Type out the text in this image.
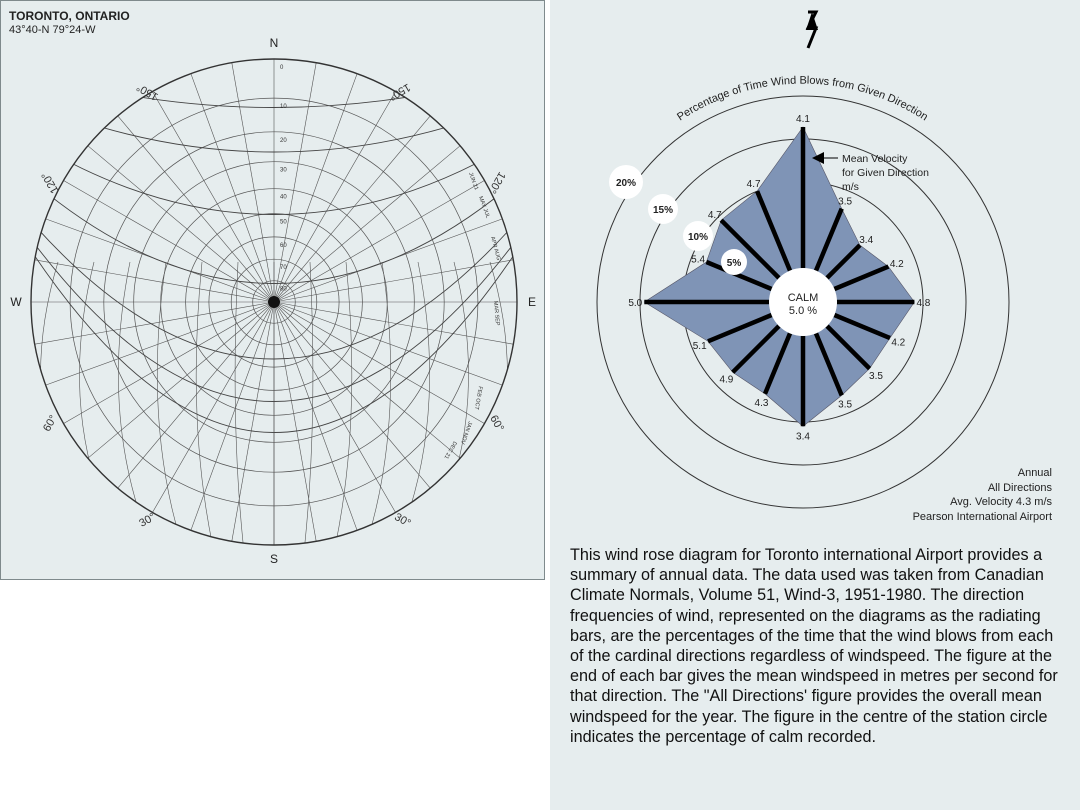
TORONTO, ONTARIO
43°40-N 79°24-W
N
S
W	E
0
10
20
30
40
50
60
70
80
150°	150°
120°	120°
60°	60°
30°	30°
JUN 21
MAY JUL
APR AUG
MAR SEP
FEB OCT
JAN NOV
DEC 21
Percentage of Time Wind Blows from Given Direction
4.1
3.5
3.4
4.2
4.8
4.2
3.5
3.5
3.4
4.3
4.9
5.1
5.0
5.4
4.7
4.7
5%
10%
15%
20%
CALM
5.0 %
Mean Velocity
for Given Direction
m/s
Annual
All Directions
Avg. Velocity 4.3 m/s
Pearson International Airport
This wind rose diagram for Toronto international Airport provides a summary of annual data. The data used was taken from Canadian Climate Normals, Volume 51, Wind-3, 1951-1980. The direction frequencies of wind, represented on the diagrams as the radiating bars, are the percentages of the time that the wind blows from each of the cardinal directions regardless of windspeed. The figure at the end of each bar gives the mean windspeed in metres per second for that direction. The "All Directions' figure provides the overall mean windspeed for the year. The figure in the centre of the station circle indicates the percentage of calm recorded.
